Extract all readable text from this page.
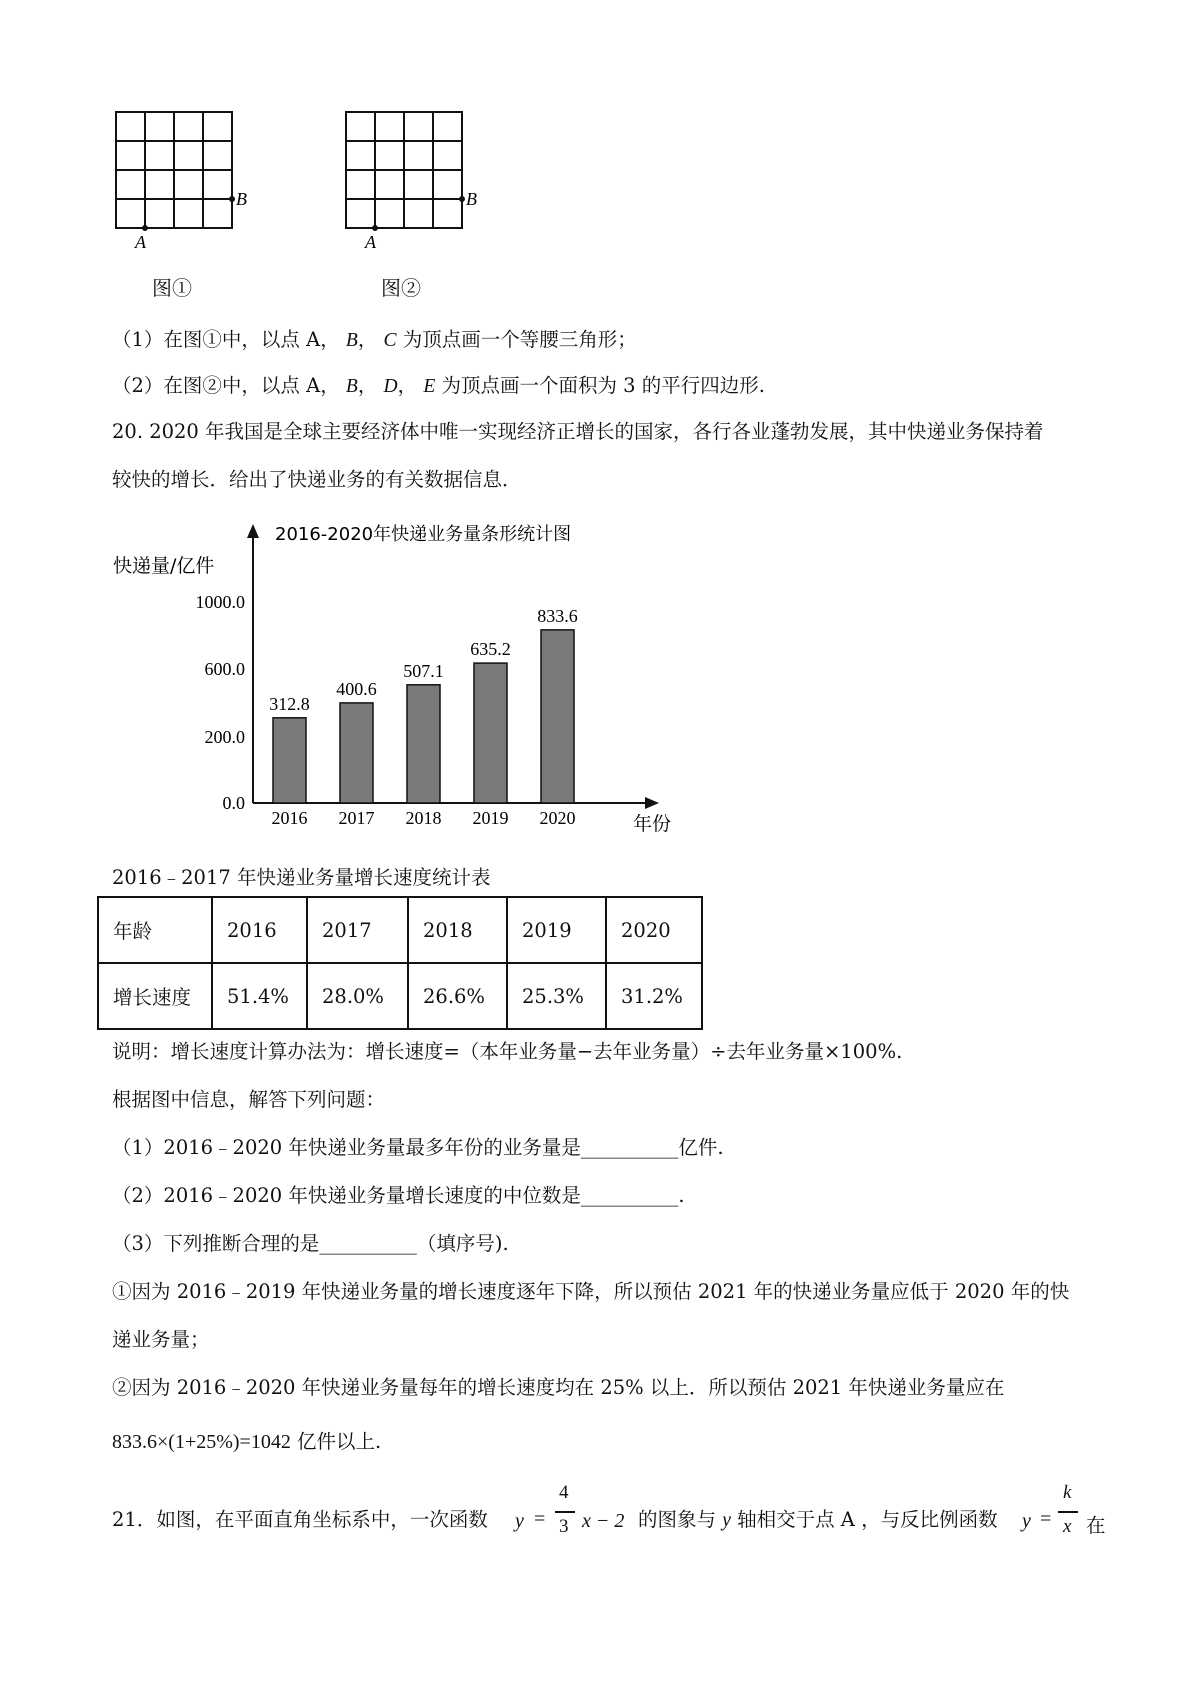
A
B
图①
A
B
图②
（1）在图①中，以点 A， B， C 为顶点画一个等腰三角形；
（2）在图②中，以点 A， B， D， E 为顶点画一个面积为 3 的平行四边形.
20. 2020 年我国是全球主要经济体中唯一实现经济正增长的国家，各行各业蓬勃发展，其中快递业务保持着
较快的增长．给出了快递业务的有关数据信息．
2016-2020年快递业务量条形统计图
快递量/亿件
年份
0.0
200.0
600.0
1000.0
312.8
2016
400.6
2017
507.1
2018
635.2
2019
833.6
2020
2016﹣2017 年快递业务量增长速度统计表
年龄	2016	2017	2018	2019	2020
增长速度	51.4%	28.0%	26.6%	25.3%	31.2%
说明：增长速度计算办法为：增长速度=（本年业务量−去年业务量）÷去年业务量×100%.
根据图中信息，解答下列问题：
（1）2016﹣2020 年快递业务量最多年份的业务量是__________亿件.
（2）2016﹣2020 年快递业务量增长速度的中位数是__________.
（3）下列推断合理的是__________（填序号).
①因为 2016﹣2019 年快递业务量的增长速度逐年下降，所以预估 2021 年的快递业务量应低于 2020 年的快
递业务量；
②因为 2016﹣2020 年快递业务量每年的增长速度均在 25% 以上．所以预估 2021 年快递业务量应在
833.6×(1+25%)=1042 亿件以上.
21．如图，在平面直角坐标系中，一次函数 y =
4
3 x − 2 的图象与 y 轴相交于点 A ，与反比例函数 y =
k
x 在
